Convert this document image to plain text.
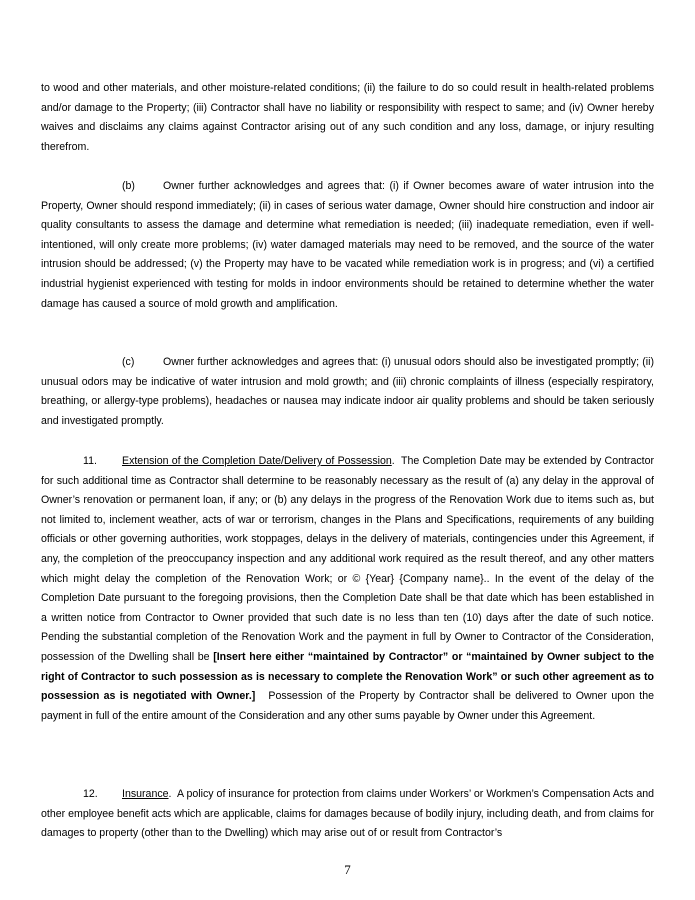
to wood and other materials, and other moisture-related conditions; (ii) the failure to do so could result in health-related problems and/or damage to the Property; (iii) Contractor shall have no liability or responsibility with respect to same; and (iv) Owner hereby waives and disclaims any claims against Contractor arising out of any such condition and any loss, damage, or injury resulting therefrom.

(b)	Owner further acknowledges and agrees that: (i) if Owner becomes aware of water intrusion into the Property, Owner should respond immediately; (ii) in cases of serious water damage, Owner should hire construction and indoor air quality consultants to assess the damage and determine what remediation is needed; (iii) inadequate remediation, even if well-intentioned, will only create more problems; (iv) water damaged materials may need to be removed, and the source of the water intrusion should be addressed; (v) the Property may have to be vacated while remediation work is in progress; and (vi) a certified industrial hygienist experienced with testing for molds in indoor environments should be retained to determine whether the water damage has caused a source of mold growth and amplification.

(c)	Owner further acknowledges and agrees that: (i) unusual odors should also be investigated promptly; (ii) unusual odors may be indicative of water intrusion and mold growth; and (iii) chronic complaints of illness (especially respiratory, breathing, or allergy-type problems), headaches or nausea may indicate indoor air quality problems and should be taken seriously and investigated promptly.

11. Extension of the Completion Date/Delivery of Possession. The Completion Date may be extended by Contractor for such additional time as Contractor shall determine to be reasonably necessary as the result of (a) any delay in the approval of Owner’s renovation or permanent loan, if any; or (b) any delays in the progress of the Renovation Work due to items such as, but not limited to, inclement weather, acts of war or terrorism, changes in the Plans and Specifications, requirements of any building officials or other governing authorities, work stoppages, delays in the delivery of materials, contingencies under this Agreement, if any, the completion of the preoccupancy inspection and any additional work required as the result thereof, and any other matters which might delay the completion of the Renovation Work; or © {Year} {Company name}.. In the event of the delay of the Completion Date pursuant to the foregoing provisions, then the Completion Date shall be that date which has been established in a written notice from Contractor to Owner provided that such date is no less than ten (10) days after the date of such notice. Pending the substantial completion of the Renovation Work and the payment in full by Owner to Contractor of the Consideration, possession of the Dwelling shall be [Insert here either “maintained by Contractor” or “maintained by Owner subject to the right of Contractor to such possession as is necessary to complete the Renovation Work” or such other agreement as to possession as is negotiated with Owner.] Possession of the Property by Contractor shall be delivered to Owner upon the payment in full of the entire amount of the Consideration and any other sums payable by Owner under this Agreement.

12. Insurance. A policy of insurance for protection from claims under Workers’ or Workmen’s Compensation Acts and other employee benefit acts which are applicable, claims for damages because of bodily injury, including death, and from claims for damages to property (other than to the Dwelling) which may arise out of or result from Contractor’s

7
